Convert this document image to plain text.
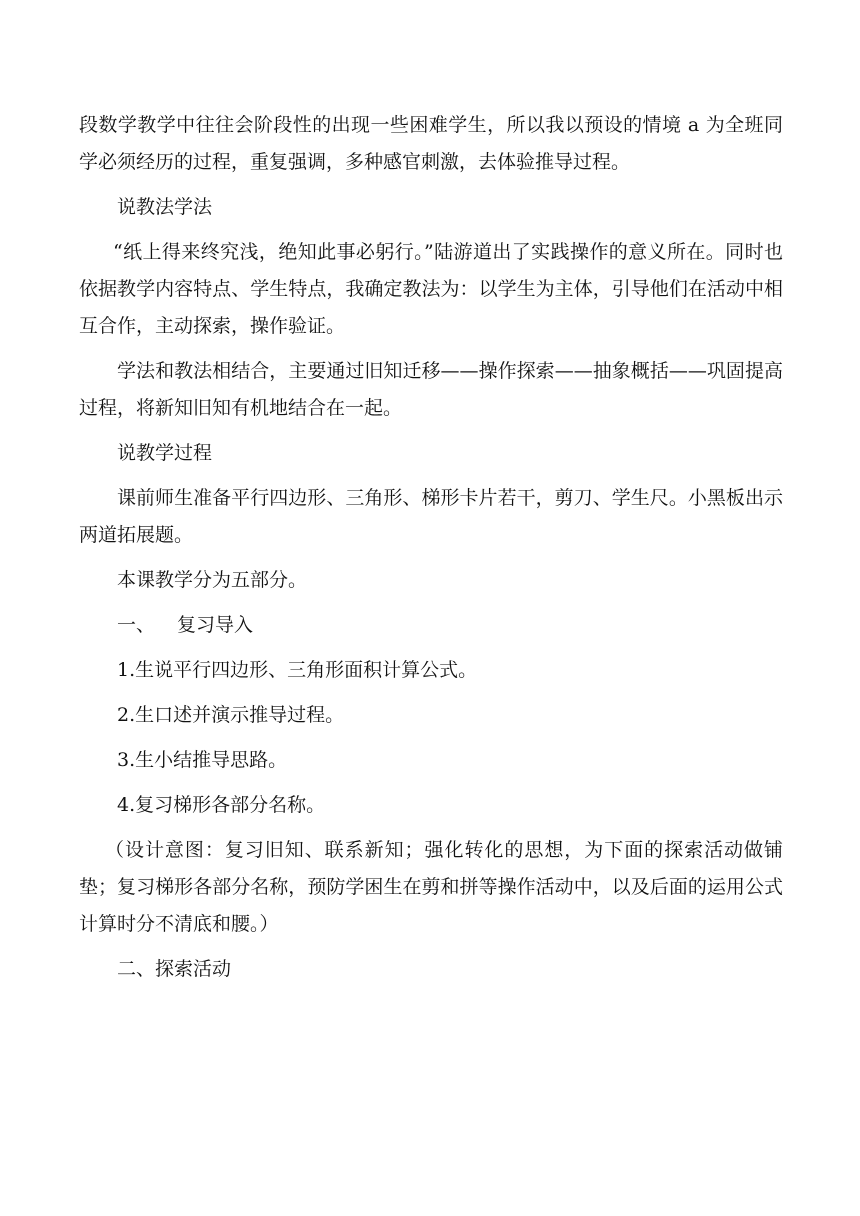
段数学教学中往往会阶段性的出现一些困难学生，所以我以预设的情境 a 为全班同学必须经历的过程，重复强调，多种感官刺激，去体验推导过程。

说教法学法

“纸上得来终究浅，绝知此事必躬行。”陆游道出了实践操作的意义所在。同时也依据教学内容特点、学生特点，我确定教法为：以学生为主体，引导他们在活动中相互合作，主动探索，操作验证。

学法和教法相结合，主要通过旧知迁移——操作探索——抽象概括——巩固提高过程，将新知旧知有机地结合在一起。

说教学过程

课前师生准备平行四边形、三角形、梯形卡片若干，剪刀、学生尺。小黑板出示两道拓展题。

本课教学分为五部分。

一、 复习导入

1.生说平行四边形、三角形面积计算公式。

2.生口述并演示推导过程。

3.生小结推导思路。

4.复习梯形各部分名称。

（设计意图：复习旧知、联系新知；强化转化的思想，为下面的探索活动做铺垫；复习梯形各部分名称，预防学困生在剪和拼等操作活动中，以及后面的运用公式计算时分不清底和腰。）

二、探索活动
